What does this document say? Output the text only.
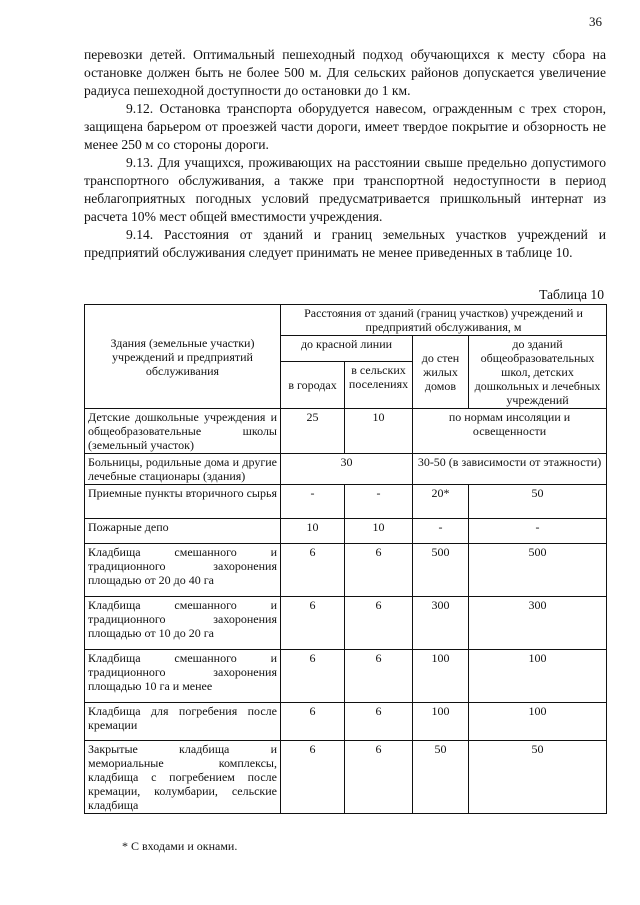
36

перевозки детей. Оптимальный пешеходный подход обучающихся к месту сбора на остановке должен быть не более 500 м. Для сельских районов допускается увеличение радиуса пешеходной доступности до остановки до 1 км.

9.12. Остановка транспорта оборудуется навесом, огражденным с трех сторон, защищена барьером от проезжей части дороги, имеет твердое покрытие и обзорность не менее 250 м со стороны дороги.

9.13. Для учащихся, проживающих на расстоянии свыше предельно допустимого транспортного обслуживания, а также при транспортной недоступности в период неблагоприятных погодных условий предусматривается пришкольный интернат из расчета 10% мест общей вместимости учреждения.

9.14. Расстояния от зданий и границ земельных участков учреждений и предприятий обслуживания следует принимать не менее приведенных в таблице 10.

Таблица 10
Здания (земельные участки) учреждений и предприятий обслуживания	Расстояния от зданий (границ участков) учреждений и предприятий обслуживания, м			
	до красной линии		до стен жилых домов	до зданий общеобразовательных школ, детских дошкольных и лечебных учреждений
	в городах	в сельских поселениях		
Детские дошкольные учреждения и общеобразовательные школы (земельный участок)	25	10	по нормам инсоляции и освещенности	
Больницы, родильные дома и другие лечебные стационары (здания)	30		30-50 (в зависимости от этажности)	
Приемные пункты вторичного сырья	-	-	20*	50
Пожарные депо	10	10	-	-
Кладбища смешанного и традиционного захоронения площадью от 20 до 40 га	6	6	500	500
Кладбища смешанного и традиционного захоронения площадью от 10 до 20 га	6	6	300	300
Кладбища смешанного и традиционного захоронения площадью 10 га и менее	6	6	100	100
Кладбища для погребения после кремации	6	6	100	100
Закрытые кладбища и мемориальные комплексы, кладбища с погребением после кремации, колумбарии, сельские кладбища	6	6	50	50
* С входами и окнами.
